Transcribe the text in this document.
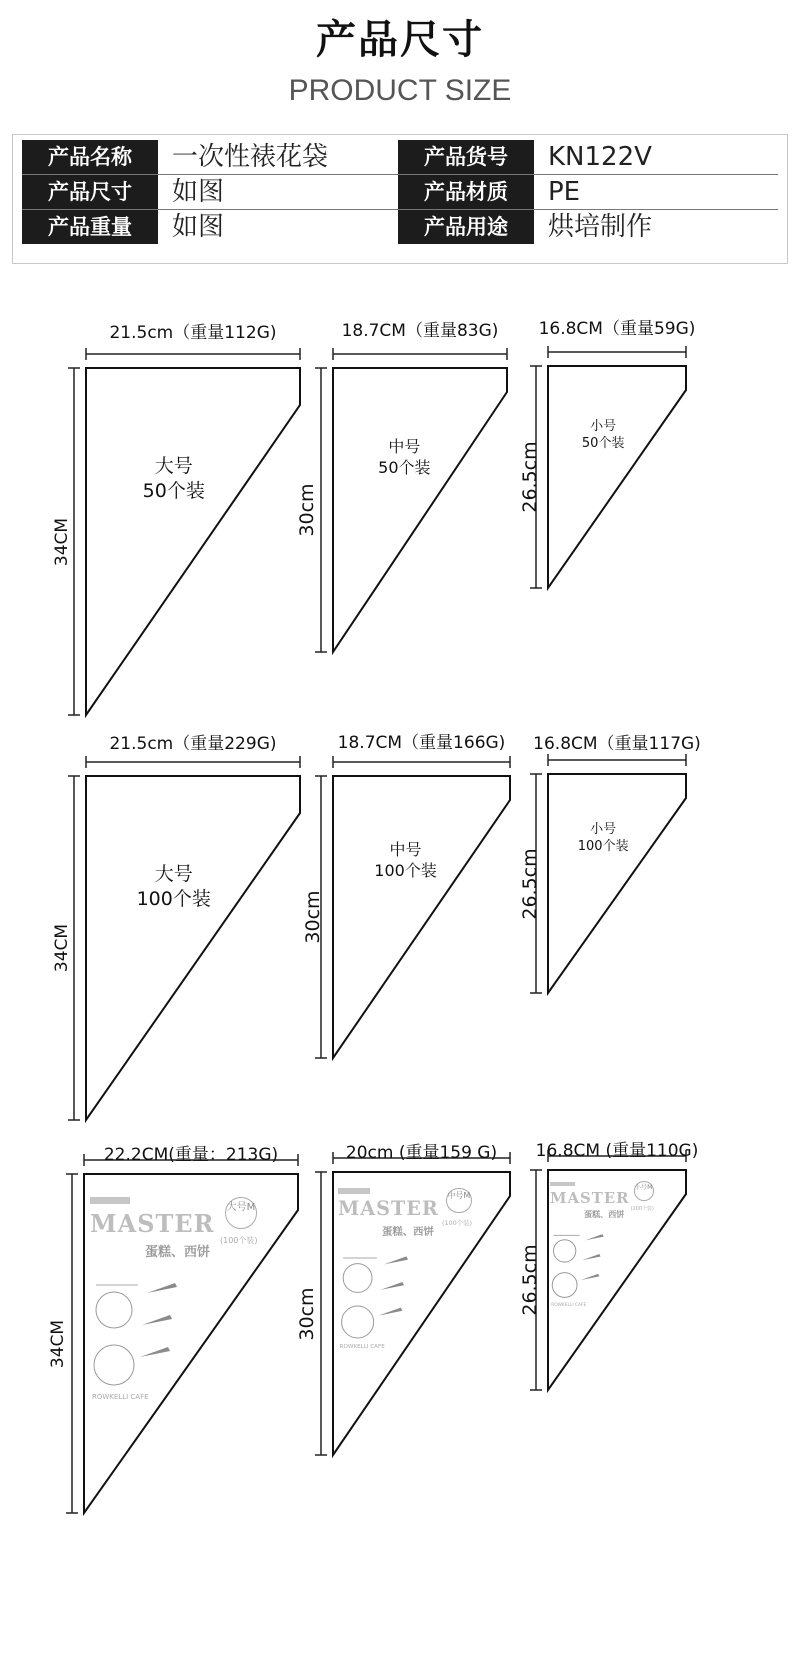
产品尺寸
PRODUCT SIZE
产品名称	一次性裱花袋	产品货号	KN122V
产品尺寸	如图	产品材质	PE
产品重量	如图	产品用途	烘培制作
21.5cm（重量112G)
34CM
大号
50个装
18.7CM（重量83G)
30cm
中号
50个装
16.8CM（重量59G)
26.5cm
小号
50个装
21.5cm（重量229G)
34CM
大号
100个装
18.7CM（重量166G)
30cm
中号
100个装
16.8CM（重量117G)
26.5cm
小号
100个装
22.2CM(重量：213G)
34CM
20cm (重量159 G)
30cm
16.8CM (重量110G)
26.5cm
MASTER
蛋糕、西饼
大号M
(100个装)
ROWKELLI CAFE
MASTER
蛋糕、西饼
中号M
(100个装)
ROWKELLI CAFE
MASTER
蛋糕、西饼
小号M
(100个装)
ROWKELLI CAFE
